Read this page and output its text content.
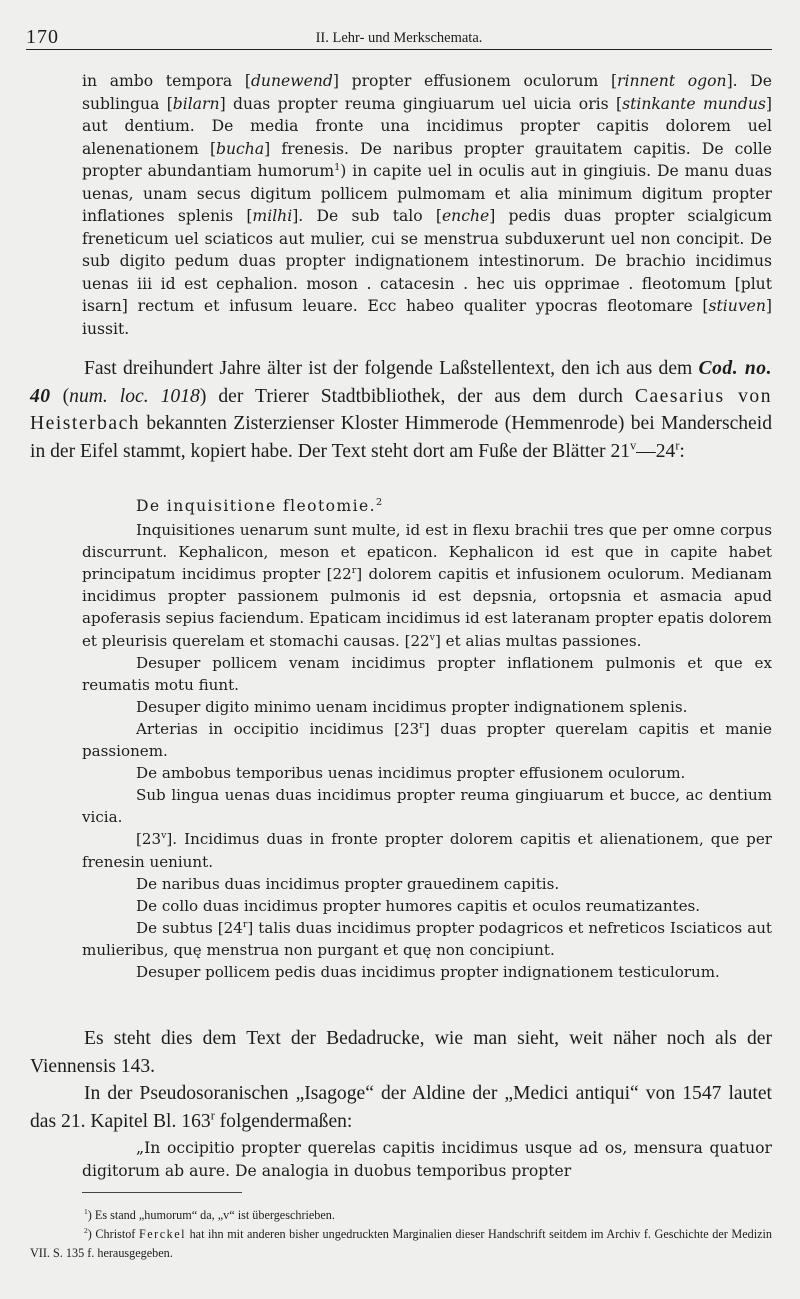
170	II. Lehr- und Merkschemata.

in ambo tempora [dunewend] propter effusionem oculorum [rinnent ogon]. De sublingua [bilarn] duas propter reuma gingiuarum uel uicia oris [stinkante mundus] aut dentium. De media fronte una incidimus propter capitis dolorem uel alenenationem [bucha] frenesis. De naribus propter grauitatem capitis. De colle propter abundantiam humorum$^1$) in capite uel in oculis aut in gingiuis. De manu duas uenas, unam secus digitum pollicem pulmomam et alia minimum digitum propter inflationes splenis [milhi]. De sub talo [enche] pedis duas propter scialgicum freneticum uel sciaticos aut mulier, cui se menstrua subduxerunt uel non concipit. De sub digito pedum duas propter indignationem intestinorum. De brachio incidimus uenas iii id est cephalion. moson . catacesin . hec uis opprimae . fleotomum [plut isarn] rectum et infusum leuare. Ecc habeo qualiter ypocras fleotomare [stiuven] iussit.

Fast dreihundert Jahre älter ist der folgende Laßstellentext, den ich aus dem Cod. no. 40 (num. loc. 1018) der Trierer Stadtbibliothek, der aus dem durch Caesarius von Heisterbach bekannten Zisterzienser Kloster Himmerode (Hemmenrode) bei Manderscheid in der Eifel stammt, kopiert habe. Der Text steht dort am Fuße der Blätter 21$^v$—24$^r$:

De inquisitione fleotomie.$^2$

Inquisitiones uenarum sunt multe, id est in flexu brachii tres que per omne corpus discurrunt. Kephalicon, meson et epaticon. Kephalicon id est que in capite habet principatum incidimus propter [22$^r$] dolorem capitis et infusionem oculorum. Medianam incidimus propter passionem pulmonis id est depsnia, ortopsnia et asmacia apud apoferasis sepius faciendum. Epaticam incidimus id est lateranam propter epatis dolorem et pleurisis querelam et stomachi causas. [22$^v$] et alias multas passiones.

Desuper pollicem venam incidimus propter inflationem pulmonis et que ex reumatis motu fiunt.

Desuper digito minimo uenam incidimus propter indignationem splenis.

Arterias in occipitio incidimus [23$^r$] duas propter querelam capitis et manie passionem.

De ambobus temporibus uenas incidimus propter effusionem oculorum.

Sub lingua uenas duas incidimus propter reuma gingiuarum et bucce, ac dentium vicia.

[23$^v$]. Incidimus duas in fronte propter dolorem capitis et alienationem, que per frenesin ueniunt.

De naribus duas incidimus propter grauedinem capitis.

De collo duas incidimus propter humores capitis et oculos reumatizantes.

De subtus [24$^r$] talis duas incidimus propter podagricos et nefreticos Isciaticos aut mulieribus, quę menstrua non purgant et quę non concipiunt.

Desuper pollicem pedis duas incidimus propter indignationem testiculorum.

Es steht dies dem Text der Bedadrucke, wie man sieht, weit näher noch als der Viennensis 143.

In der Pseudosoranischen „Isagoge“ der Aldine der „Medici antiqui“ von 1547 lautet das 21. Kapitel Bl. 163$^r$ folgendermaßen:

„In occipitio propter querelas capitis incidimus usque ad os, mensura quatuor digitorum ab aure. De analogia in duobus temporibus propter

$^1$) Es stand „humorum“ da, „v“ ist übergeschrieben.

$^2$) Christof Ferckel hat ihn mit anderen bisher ungedruckten Marginalien dieser Handschrift seitdem im Archiv f. Geschichte der Medizin VII. S. 135 f. herausgegeben.
